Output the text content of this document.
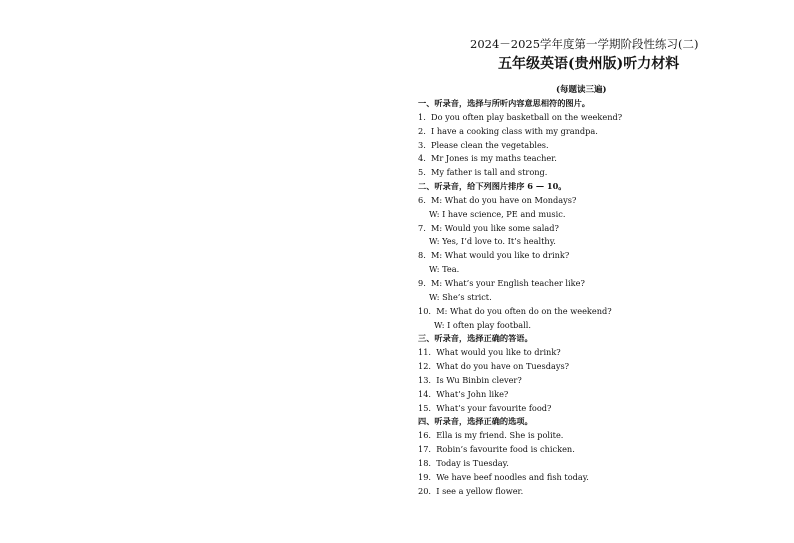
2024－2025学年度第一学期阶段性练习(二)
五年级英语(贵州版)听力材料
(每题读三遍)
一、听录音，选择与所听内容意思相符的图片。
1. Do you often play basketball on the weekend?
2. I have a cooking class with my grandpa.
3. Please clean the vegetables.
4. Mr Jones is my maths teacher.
5. My father is tall and strong.
二、听录音，给下列图片排序 6 — 10。
6. M: What do you have on Mondays?
W: I have science, PE and music.
7. M: Would you like some salad?
W: Yes, I’d love to. It’s healthy.
8. M: What would you like to drink?
W: Tea.
9. M: What’s your English teacher like?
W: She’s strict.
10. M: What do you often do on the weekend?
W: I often play football.
三、听录音，选择正确的答语。
11. What would you like to drink?
12. What do you have on Tuesdays?
13. Is Wu Binbin clever?
14. What’s John like?
15. What’s your favourite food?
四、听录音，选择正确的选项。
16. Ella is my friend. She is polite.
17. Robin’s favourite food is chicken.
18. Today is Tuesday.
19. We have beef noodles and fish today.
20. I see a yellow flower.
